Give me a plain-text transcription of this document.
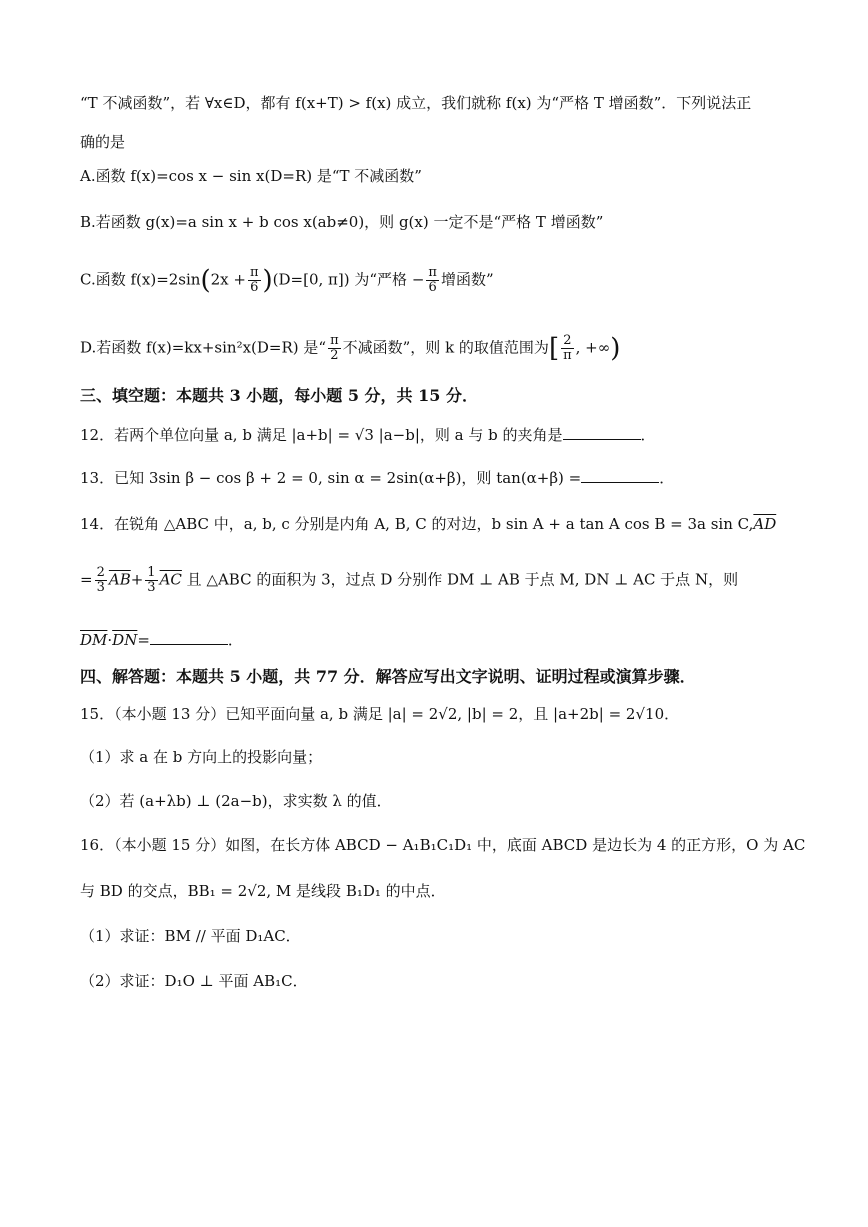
“T 不减函数”，若 ∀x∈D，都有 f(x+T) > f(x) 成立，我们就称 f(x) 为“严格 T 增函数”．下列说法正
确的是
A.函数 f(x)=cos x − sin x(D=R) 是“T 不减函数”
B.若函数 g(x)=a sin x + b cos x(ab≠0)，则 g(x) 一定不是“严格 T 增函数”
C.函数 $f(x)=2\sin(2x + \frac{\pi}{6} )(D=[0$, π]) 为“严格 − $\frac{\pi}{6}$ 增函数”
D.若函数 f(x)=kx+sin²x(D=R) 是“ $\frac{\pi}{2}$ 不减函数”，则 k 的取值范围为[ $\frac{2}{\pi}$ , +∞)
三、填空题：本题共 3 小题，每小题 5 分，共 15 分．
12．若两个单位向量 a, b 满足 |a+b| = √3 |a−b|，则 a 与 b 的夹角是	．
13．已知 3sin β − cos β + 2 = 0, sin α = 2sin(α+β)，则 tan(α+β) =	．
14．在锐角 △ABC 中，a, b, c 分别是内角 A, B, C 的对边，b sin A + a tan A cos B = 3a $\sin C,\overline{AD}$
= $\frac{2}{3} \overline{AB}+ \frac{1}{3} \overline{AC}$ 且 △ABC 的面积为 3，过点 D 分别作 DM ⊥ AB 于点 M, DN ⊥ AC 于点 N，则
$\overline{DM}\cdot\overline{DN}=$	．
四、解答题：本题共 5 小题，共 77 分．解答应写出文字说明、证明过程或演算步骤．
15．（本小题 13 分）已知平面向量 a, b 满足 |a| = 2√2, |b| = 2，且 |a+2b| = 2√10．
（1）求 a 在 b 方向上的投影向量；
（2）若 (a+λb) ⊥ (2a−b)，求实数 λ 的值．
16．（本小题 15 分）如图，在长方体 ABCD − A₁B₁C₁D₁ 中，底面 ABCD 是边长为 4 的正方形，O 为 AC
与 BD 的交点，BB₁ = 2√2, M 是线段 B₁D₁ 的中点．
（1）求证：BM // 平面 D₁AC．
（2）求证：D₁O ⊥ 平面 AB₁C．
